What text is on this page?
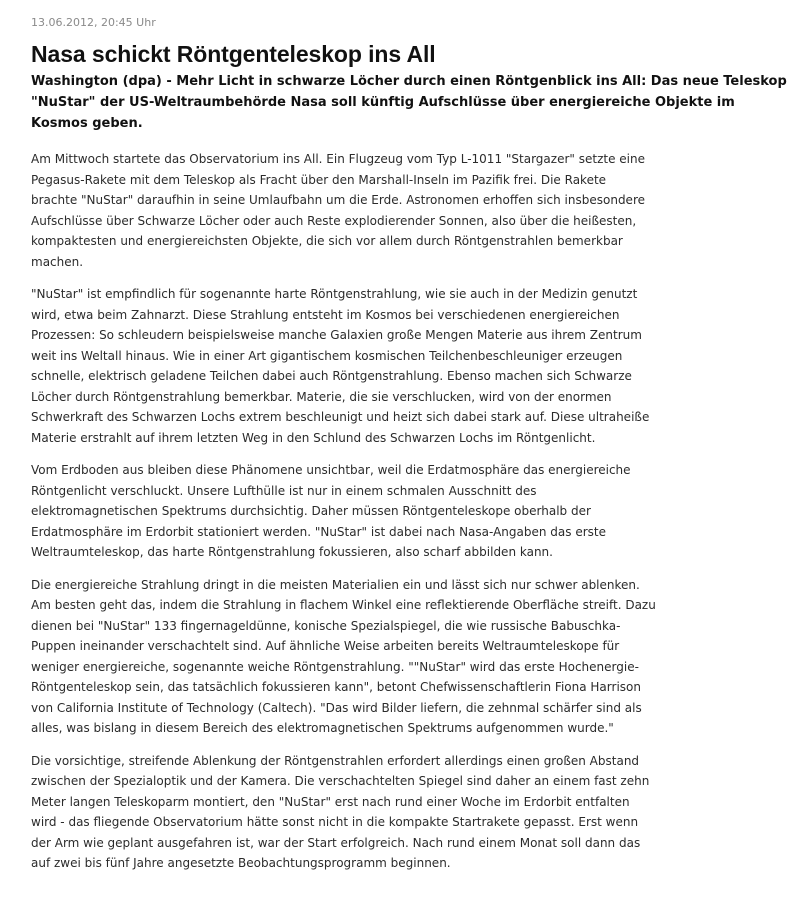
13.06.2012, 20:45 Uhr
Nasa schickt Röntgenteleskop ins All
Washington (dpa) - Mehr Licht in schwarze Löcher durch einen Röntgenblick ins All: Das neue Teleskop "NuStar" der US-Weltraumbehörde Nasa soll künftig Aufschlüsse über energiereiche Objekte im Kosmos geben.

Am Mittwoch startete das Observatorium ins All. Ein Flugzeug vom Typ L-1011 "Stargazer" setzte eine Pegasus-Rakete mit dem Teleskop als Fracht über den Marshall-Inseln im Pazifik frei. Die Rakete brachte "NuStar" daraufhin in seine Umlaufbahn um die Erde. Astronomen erhoffen sich insbesondere Aufschlüsse über Schwarze Löcher oder auch Reste explodierender Sonnen, also über die heißesten, kompaktesten und energiereichsten Objekte, die sich vor allem durch Röntgenstrahlen bemerkbar machen.

"NuStar" ist empfindlich für sogenannte harte Röntgenstrahlung, wie sie auch in der Medizin genutzt wird, etwa beim Zahnarzt. Diese Strahlung entsteht im Kosmos bei verschiedenen energiereichen Prozessen: So schleudern beispielsweise manche Galaxien große Mengen Materie aus ihrem Zentrum weit ins Weltall hinaus. Wie in einer Art gigantischem kosmischen Teilchenbeschleuniger erzeugen schnelle, elektrisch geladene Teilchen dabei auch Röntgenstrahlung. Ebenso machen sich Schwarze Löcher durch Röntgenstrahlung bemerkbar. Materie, die sie verschlucken, wird von der enormen Schwerkraft des Schwarzen Lochs extrem beschleunigt und heizt sich dabei stark auf. Diese ultraheiße Materie erstrahlt auf ihrem letzten Weg in den Schlund des Schwarzen Lochs im Röntgenlicht.

Vom Erdboden aus bleiben diese Phänomene unsichtbar, weil die Erdatmosphäre das energiereiche Röntgenlicht verschluckt. Unsere Lufthülle ist nur in einem schmalen Ausschnitt des elektromagnetischen Spektrums durchsichtig. Daher müssen Röntgenteleskope oberhalb der Erdatmosphäre im Erdorbit stationiert werden. "NuStar" ist dabei nach Nasa-Angaben das erste Weltraumteleskop, das harte Röntgenstrahlung fokussieren, also scharf abbilden kann.

Die energiereiche Strahlung dringt in die meisten Materialien ein und lässt sich nur schwer ablenken. Am besten geht das, indem die Strahlung in flachem Winkel eine reflektierende Oberfläche streift. Dazu dienen bei "NuStar" 133 fingernageldünne, konische Spezialspiegel, die wie russische Babuschka-Puppen ineinander verschachtelt sind. Auf ähnliche Weise arbeiten bereits Weltraumteleskope für weniger energiereiche, sogenannte weiche Röntgenstrahlung. ""NuStar" wird das erste Hochenergie-Röntgenteleskop sein, das tatsächlich fokussieren kann", betont Chefwissenschaftlerin Fiona Harrison von California Institute of Technology (Caltech). "Das wird Bilder liefern, die zehnmal schärfer sind als alles, was bislang in diesem Bereich des elektromagnetischen Spektrums aufgenommen wurde."

Die vorsichtige, streifende Ablenkung der Röntgenstrahlen erfordert allerdings einen großen Abstand zwischen der Spezialoptik und der Kamera. Die verschachtelten Spiegel sind daher an einem fast zehn Meter langen Teleskoparm montiert, den "NuStar" erst nach rund einer Woche im Erdorbit entfalten wird - das fliegende Observatorium hätte sonst nicht in die kompakte Startrakete gepasst. Erst wenn der Arm wie geplant ausgefahren ist, war der Start erfolgreich. Nach rund einem Monat soll dann das auf zwei bis fünf Jahre angesetzte Beobachtungsprogramm beginnen.
